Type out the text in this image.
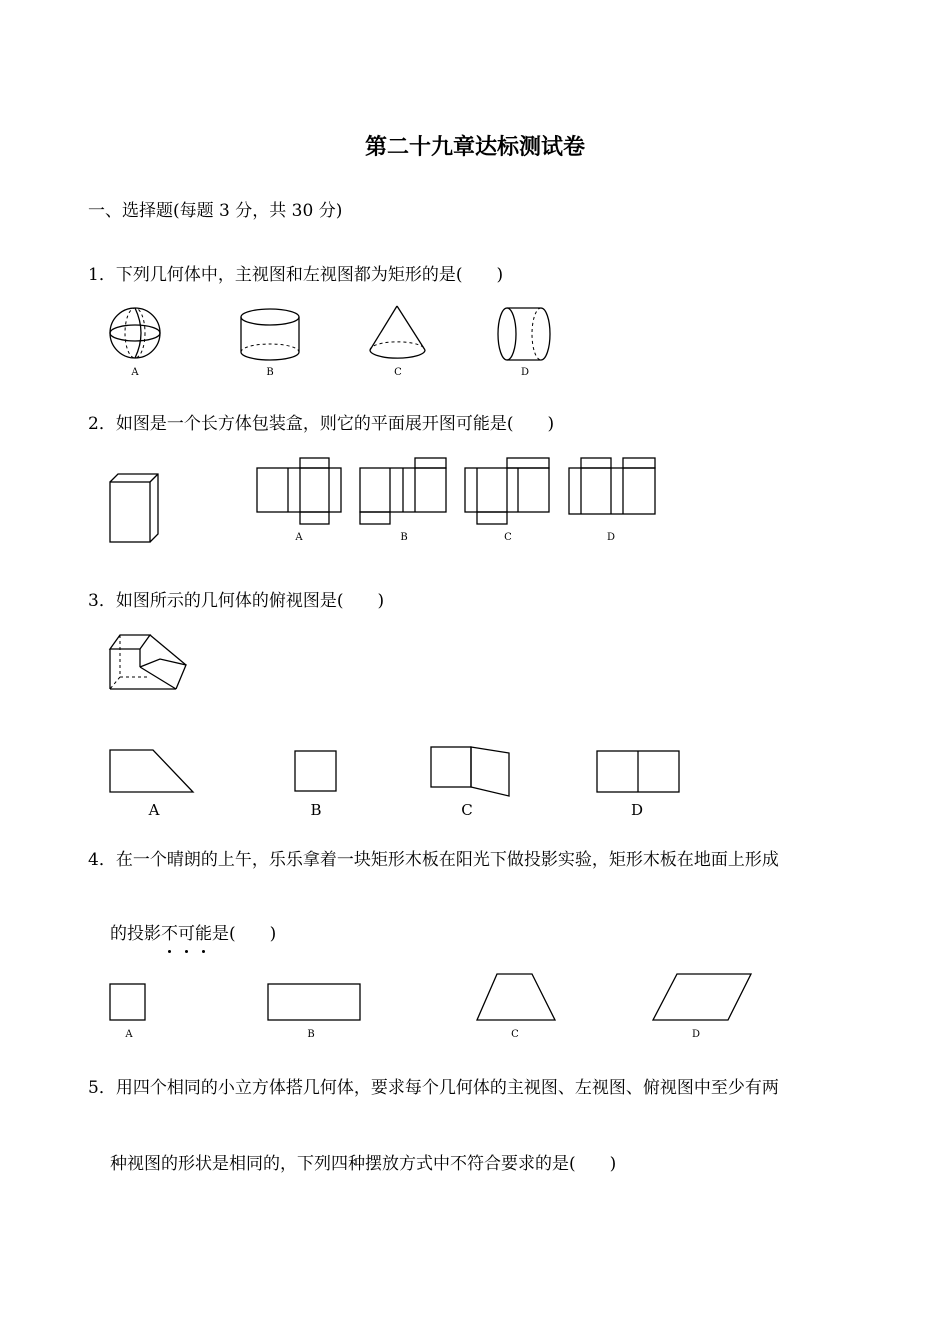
第二十九章达标测试卷
一、选择题(每题 3 分，共 30 分)
1．下列几何体中，主视图和左视图都为矩形的是(　　)
A	B	C	D
2．如图是一个长方体包装盒，则它的平面展开图可能是(　　)
A	B	C	D
3．如图所示的几何体的俯视图是(　　)
A	B	C	D
4．在一个晴朗的上午，乐乐拿着一块矩形木板在阳光下做投影实验，矩形木板在地面上形成
的投影不可能是(　　)
A	B	C	D
5．用四个相同的小立方体搭几何体，要求每个几何体的主视图、左视图、俯视图中至少有两
种视图的形状是相同的，下列四种摆放方式中不符合要求的是(　　)
